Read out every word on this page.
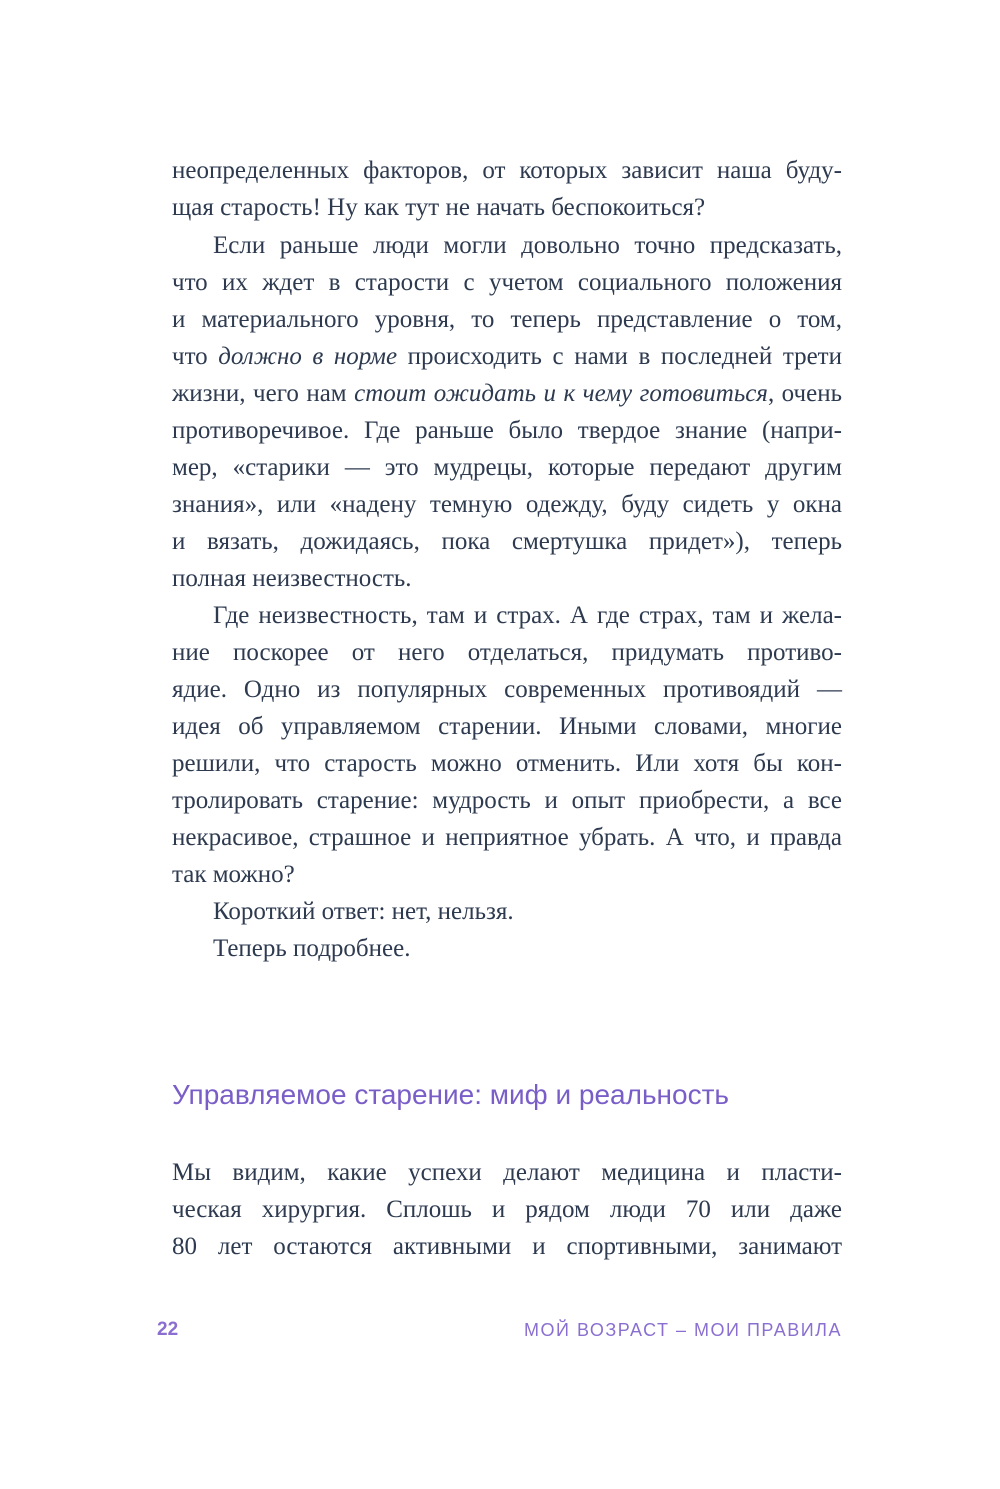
неопределенных факторов, от которых зависит наша буду-
щая старость! Ну как тут не начать беспокоиться?
Если раньше люди могли довольно точно предсказать,
что их ждет в старости с учетом социального положения
и материального уровня, то теперь представление о том,
что должно в норме происходить с нами в последней трети
жизни, чего нам стоит ожидать и к чему готовиться, очень
противоречивое. Где раньше было твердое знание (напри-
мер, «старики — это мудрецы, которые передают другим
знания», или «надену темную одежду, буду сидеть у окна
и вязать, дожидаясь, пока смертушка придет»), теперь
полная неизвестность.
Где неизвестность, там и страх. А где страх, там и жела-
ние поскорее от него отделаться, придумать противо-
ядие. Одно из популярных современных противоядий —
идея об управляемом старении. Иными словами, многие
решили, что старость можно отменить. Или хотя бы кон-
тролировать старение: мудрость и опыт приобрести, а все
некрасивое, страшное и неприятное убрать. А что, и правда
так можно?
Короткий ответ: нет, нельзя.
Теперь подробнее.
Управляемое старение: миф и реальность
Мы видим, какие успехи делают медицина и пласти-
ческая хирургия. Сплошь и рядом люди 70 или даже
80 лет остаются активными и спортивными, занимают
22	МОЙ ВОЗРАСТ – МОИ ПРАВИЛА
